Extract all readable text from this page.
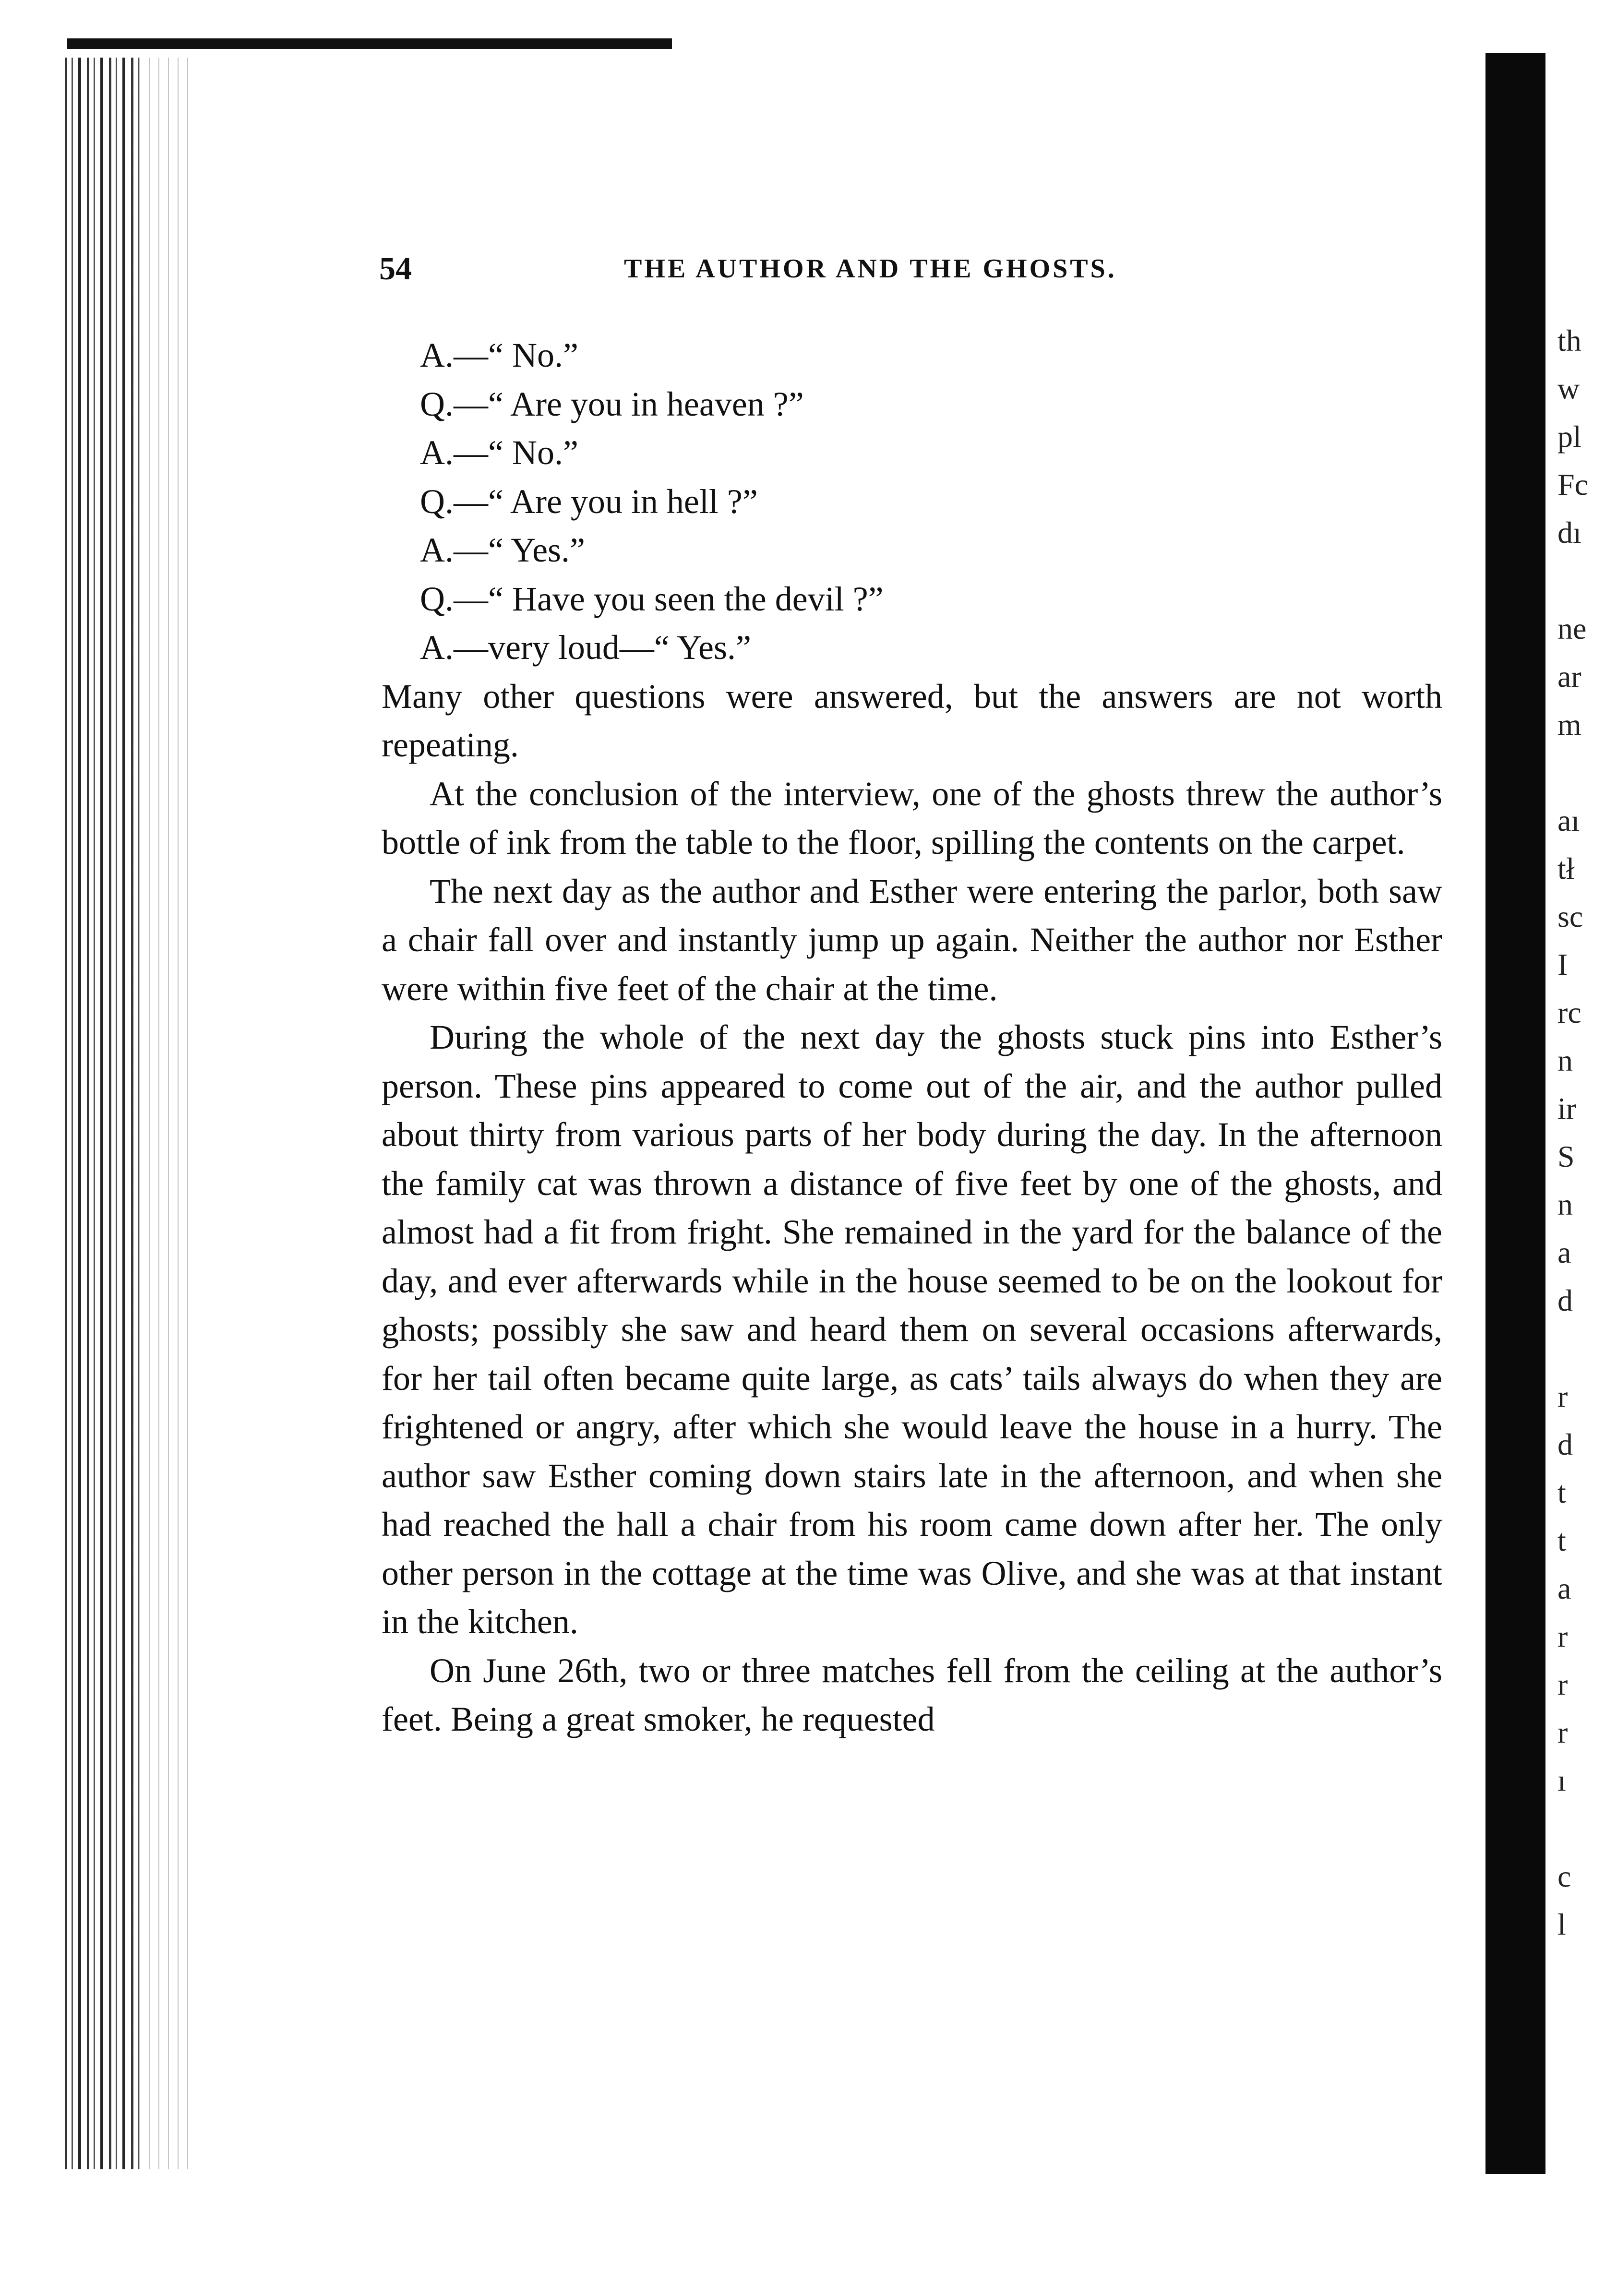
th
w
pl
Fc
dı
ne
ar
m
aı
tł
sc
I
rc
n
ir
S
n
a
d
r
d
t
t
a
r
r
r
ı
c
l
54	THE AUTHOR AND THE GHOSTS.
A.—“ No.”
Q.—“ Are you in heaven ?”
A.—“ No.”
Q.—“ Are you in hell ?”
A.—“ Yes.”
Q.—“ Have you seen the devil ?”
A.—very loud—“ Yes.”
Many other questions were answered, but the answers are not worth repeating.
At the conclusion of the interview, one of the ghosts threw the author’s bottle of ink from the table to the floor, spilling the contents on the carpet.
The next day as the author and Esther were entering the parlor, both saw a chair fall over and instantly jump up again. Neither the author nor Esther were within five feet of the chair at the time.
During the whole of the next day the ghosts stuck pins into Esther’s person. These pins appeared to come out of the air, and the author pulled about thirty from various parts of her body during the day. In the afternoon the family cat was thrown a distance of five feet by one of the ghosts, and almost had a fit from fright. She remained in the yard for the balance of the day, and ever afterwards while in the house seemed to be on the lookout for ghosts; possibly she saw and heard them on several occasions afterwards, for her tail often became quite large, as cats’ tails always do when they are frightened or angry, after which she would leave the house in a hurry. The author saw Esther coming down stairs late in the afternoon, and when she had reached the hall a chair from his room came down after her. The only other person in the cottage at the time was Olive, and she was at that instant in the kitchen.
On June 26th, two or three matches fell from the ceiling at the author’s feet. Being a great smoker, he requested
